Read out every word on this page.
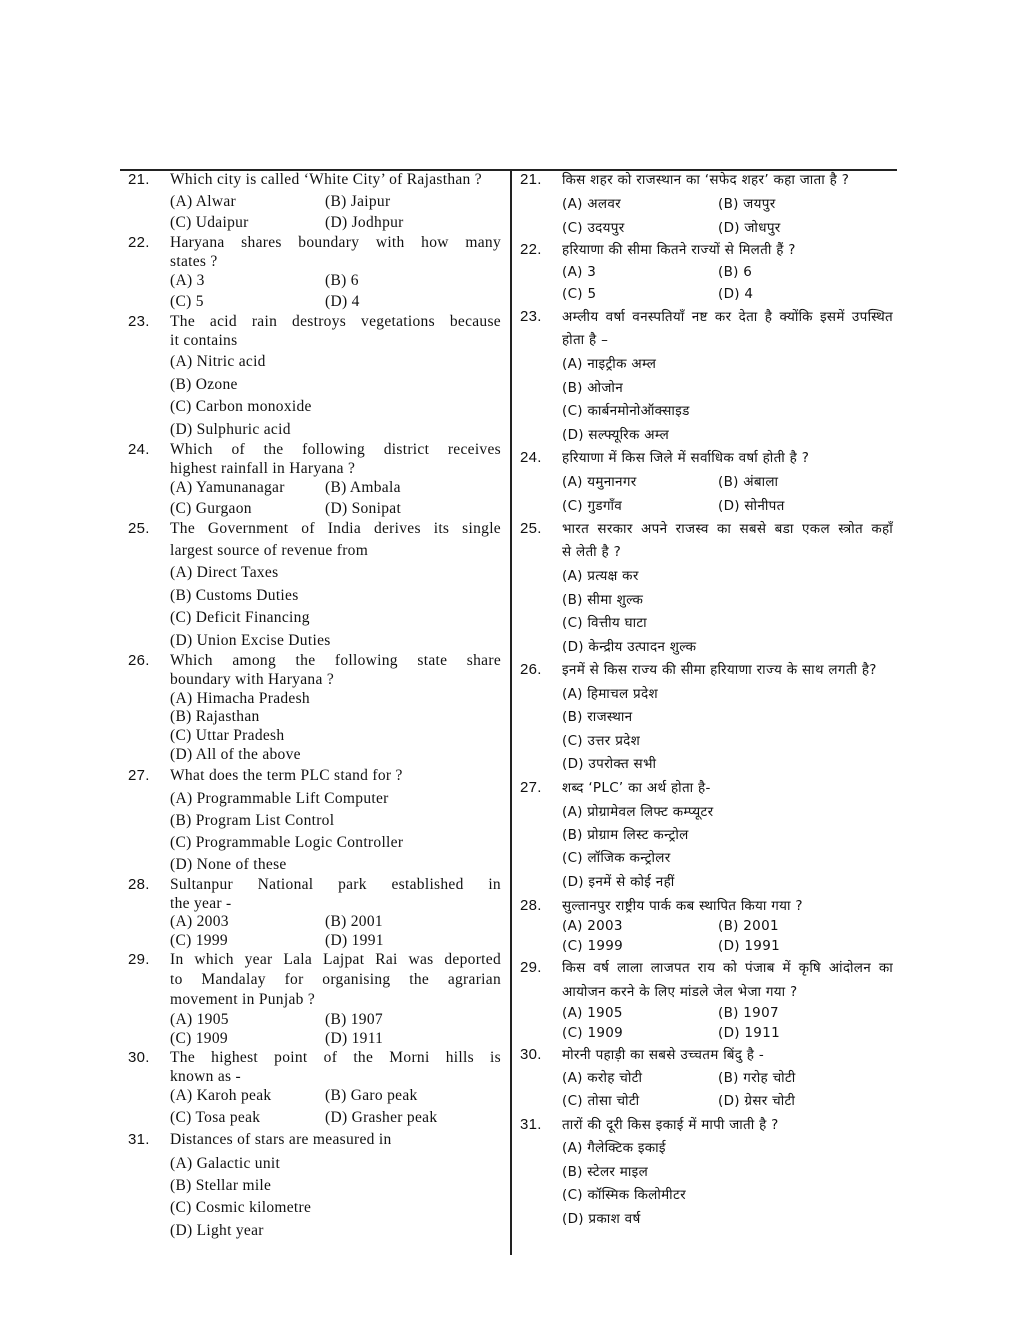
21. Which city is called ‘White City’ of Rajasthan ?
(A) Alwar	(B) Jaipur
(C) Udaipur	(D) Jodhpur
22. Haryana shares boundary with how many
states ?
(A) 3	(B) 6
(C) 5	(D) 4
23. The acid rain destroys vegetations because
it contains
(A) Nitric acid
(B) Ozone
(C) Carbon monoxide
(D) Sulphuric acid
24. Which of the following district receives
highest rainfall in Haryana ?
(A) Yamunanagar	(B) Ambala
(C) Gurgaon	(D) Sonipat
25. The Government of India derives its single
largest source of revenue from
(A) Direct Taxes
(B) Customs Duties
(C) Deficit Financing
(D) Union Excise Duties
26. Which among the following state share
boundary with Haryana ?
(A) Himacha Pradesh
(B) Rajasthan
(C) Uttar Pradesh
(D) All of the above
27. What does the term PLC stand for ?
(A) Programmable Lift Computer
(B) Program List Control
(C) Programmable Logic Controller
(D) None of these
28. Sultanpur National park established in
the year -
(A) 2003	(B) 2001
(C) 1999	(D) 1991
29. In which year Lala Lajpat Rai was deported
to Mandalay for organising the agrarian
movement in Punjab ?
(A) 1905	(B) 1907
(C) 1909	(D) 1911
30. The highest point of the Morni hills is
known as -
(A) Karoh peak	(B) Garo peak
(C) Tosa peak	(D) Grasher peak
31. Distances of stars are measured in
(A) Galactic unit
(B) Stellar mile
(C) Cosmic kilometre
(D) Light year
21. किस शहर को राजस्थान का ‘सफेद शहर’ कहा जाता है ?
(A) अलवर	(B) जयपुर
(C) उदयपुर	(D) जोधपुर
22. हरियाणा की सीमा कितने राज्यों से मिलती हैं ?
(A) 3	(B) 6
(C) 5	(D) 4
23. अम्लीय वर्षा वनस्पतियाँ नष्ट कर देता है क्योंकि इसमें उपस्थित
होता है –
(A) नाइट्रीक अम्ल
(B) ओजोन
(C) कार्बनमोनोऑक्साइड
(D) सल्फ्यूरिक अम्ल
24. हरियाणा में किस जिले में सर्वाधिक वर्षा होती है ?
(A) यमुनानगर	(B) अंबाला
(C) गुडगाँव	(D) सोनीपत
25. भारत सरकार अपने राजस्व का सबसे बडा एकल स्त्रोत कहाँ
से लेती है ?
(A) प्रत्यक्ष कर
(B) सीमा शुल्क
(C) वित्तीय घाटा
(D) केन्द्रीय उत्पादन शुल्क
26. इनमें से किस राज्य की सीमा हरियाणा राज्य के साथ लगती है?
(A) हिमाचल प्रदेश
(B) राजस्थान
(C) उत्तर प्रदेश
(D) उपरोक्त सभी
27. शब्द ‘PLC’ का अर्थ होता है-
(A) प्रोग्रामेवल लिफ्ट कम्प्यूटर
(B) प्रोग्राम लिस्ट कन्ट्रोल
(C) लॉजिक कन्ट्रोलर
(D) इनमें से कोई नहीं
28. सुल्तानपुर राष्ट्रीय पार्क कब स्थापित किया गया ?
(A) 2003	(B) 2001
(C) 1999	(D) 1991
29. किस वर्ष लाला लाजपत राय को पंजाब में कृषि आंदोलन का
आयोजन करने के लिए मांडले जेल भेजा गया ?
(A) 1905	(B) 1907
(C) 1909	(D) 1911
30. मोरनी पहाड़ी का सबसे उच्चतम बिंदु है -
(A) करोह चोटी	(B) गरोह चोटी
(C) तोसा चोटी	(D) ग्रेसर चोटी
31. तारों की दूरी किस इकाई में मापी जाती है ?
(A) गैलेक्टिक इकाई
(B) स्टेलर माइल
(C) कॉस्मिक किलोमीटर
(D) प्रकाश वर्ष
